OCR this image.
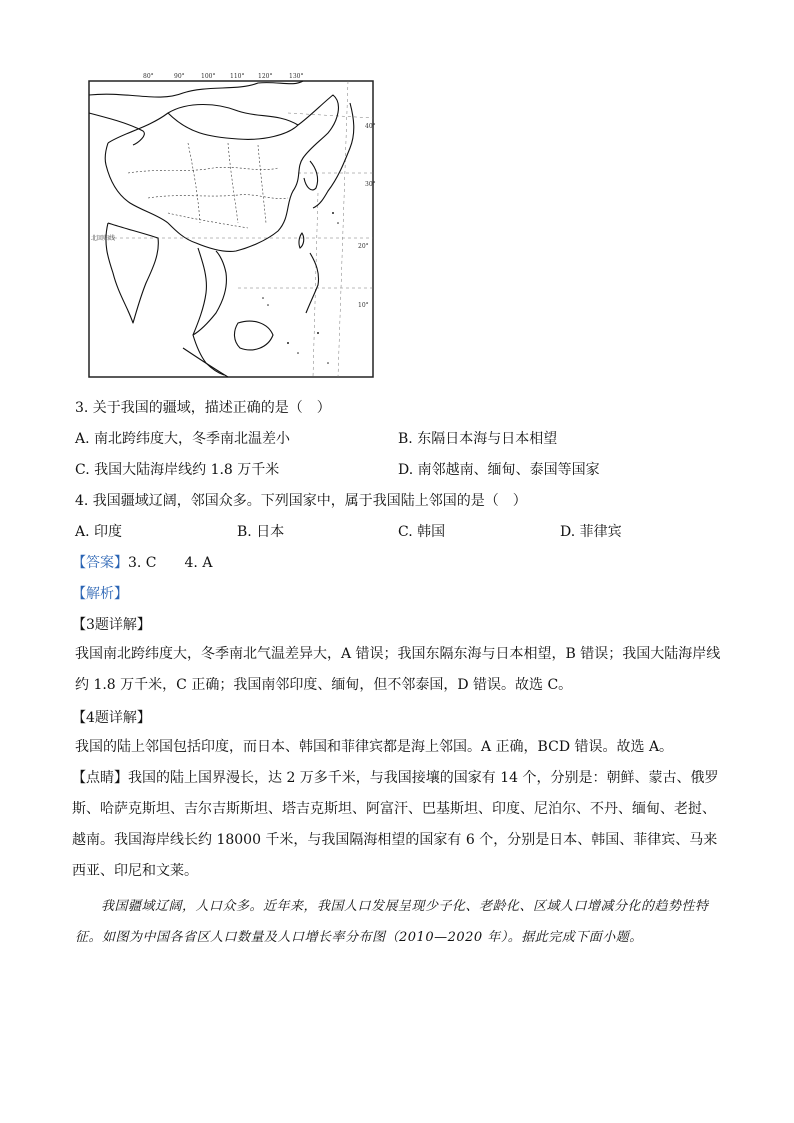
80°	90°	100° 110° 120°	130°
40°
30°
20°
10°
北回归线
3. 关于我国的疆域，描述正确的是（　）
A. 南北跨纬度大，冬季南北温差小	B. 东隔日本海与日本相望
C. 我国大陆海岸线约 1.8 万千米	D. 南邻越南、缅甸、泰国等国家
4. 我国疆域辽阔，邻国众多。下列国家中，属于我国陆上邻国的是（　）
A. 印度	B. 日本	C. 韩国	D. 菲律宾
【答案】3. C　　4. A
【解析】
【3题详解】
我国南北跨纬度大，冬季南北气温差异大，A 错误；我国东隔东海与日本相望，B 错误；我国大陆海岸线约 1.8 万千米，C 正确；我国南邻印度、缅甸，但不邻泰国，D 错误。故选 C。
【4题详解】
我国的陆上邻国包括印度，而日本、韩国和菲律宾都是海上邻国。A 正确，BCD 错误。故选 A。
【点睛】我国的陆上国界漫长，达 2 万多千米，与我国接壤的国家有 14 个，分别是：朝鲜、蒙古、俄罗斯、哈萨克斯坦、吉尔吉斯斯坦、塔吉克斯坦、阿富汗、巴基斯坦、印度、尼泊尔、不丹、缅甸、老挝、越南。我国海岸线长约 18000 千米，与我国隔海相望的国家有 6 个，分别是日本、韩国、菲律宾、马来西亚、印尼和文莱。
我国疆域辽阔，人口众多。近年来，我国人口发展呈现少子化、老龄化、区域人口增减分化的趋势性特征。如图为中国各省区人口数量及人口增长率分布图（2010—2020 年）。据此完成下面小题。
